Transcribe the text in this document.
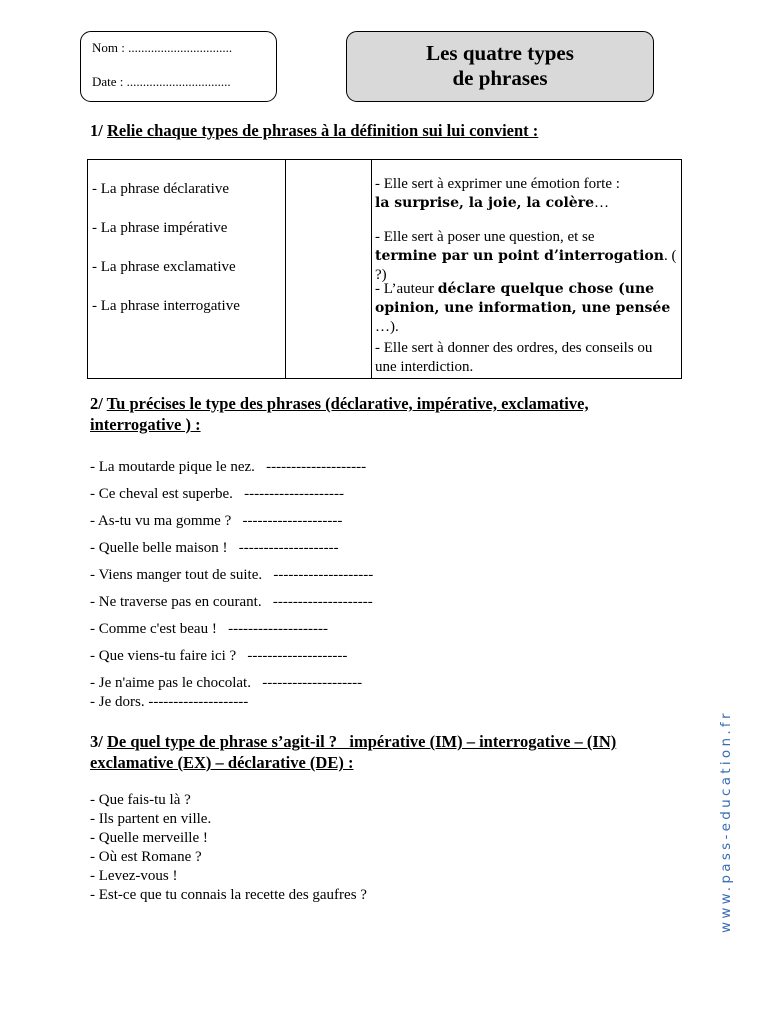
Nom : ................................
Date : ................................
Les quatre types
de phrases
1/ Relie chaque types de phrases à la définition sui lui convient :
- La phrase déclarative
- La phrase impérative
- La phrase exclamative
- La phrase interrogative
- Elle sert à exprimer une émotion forte :
la surprise, la joie, la colère…
- Elle sert à poser une question, et se
termine par un point d’interrogation. ( ?)
- L’auteur déclare quelque chose (une opinion, une information, une pensée …).
- Elle sert à donner des ordres, des conseils ou une interdiction.
2/ Tu précises le type des phrases (déclarative, impérative, exclamative,
interrogative ) :
- La moutarde pique le nez.   --------------------
- Ce cheval est superbe.   --------------------
- As-tu vu ma gomme ?   --------------------
- Quelle belle maison !   --------------------
- Viens manger tout de suite.   --------------------
- Ne traverse pas en courant.   --------------------
- Comme c'est beau !   --------------------
- Que viens-tu faire ici ?   --------------------
- Je n'aime pas le chocolat.   --------------------
- Je dors. --------------------
3/ De quel type de phrase s’agit-il ? impérative (IM) – interrogative – (IN)
exclamative (EX) – déclarative (DE) :
- Que fais-tu là ?
- Ils partent en ville.
- Quelle merveille !
- Où est Romane ?
- Levez-vous !
- Est-ce que tu connais la recette des gaufres ?	www.pass-education.fr
